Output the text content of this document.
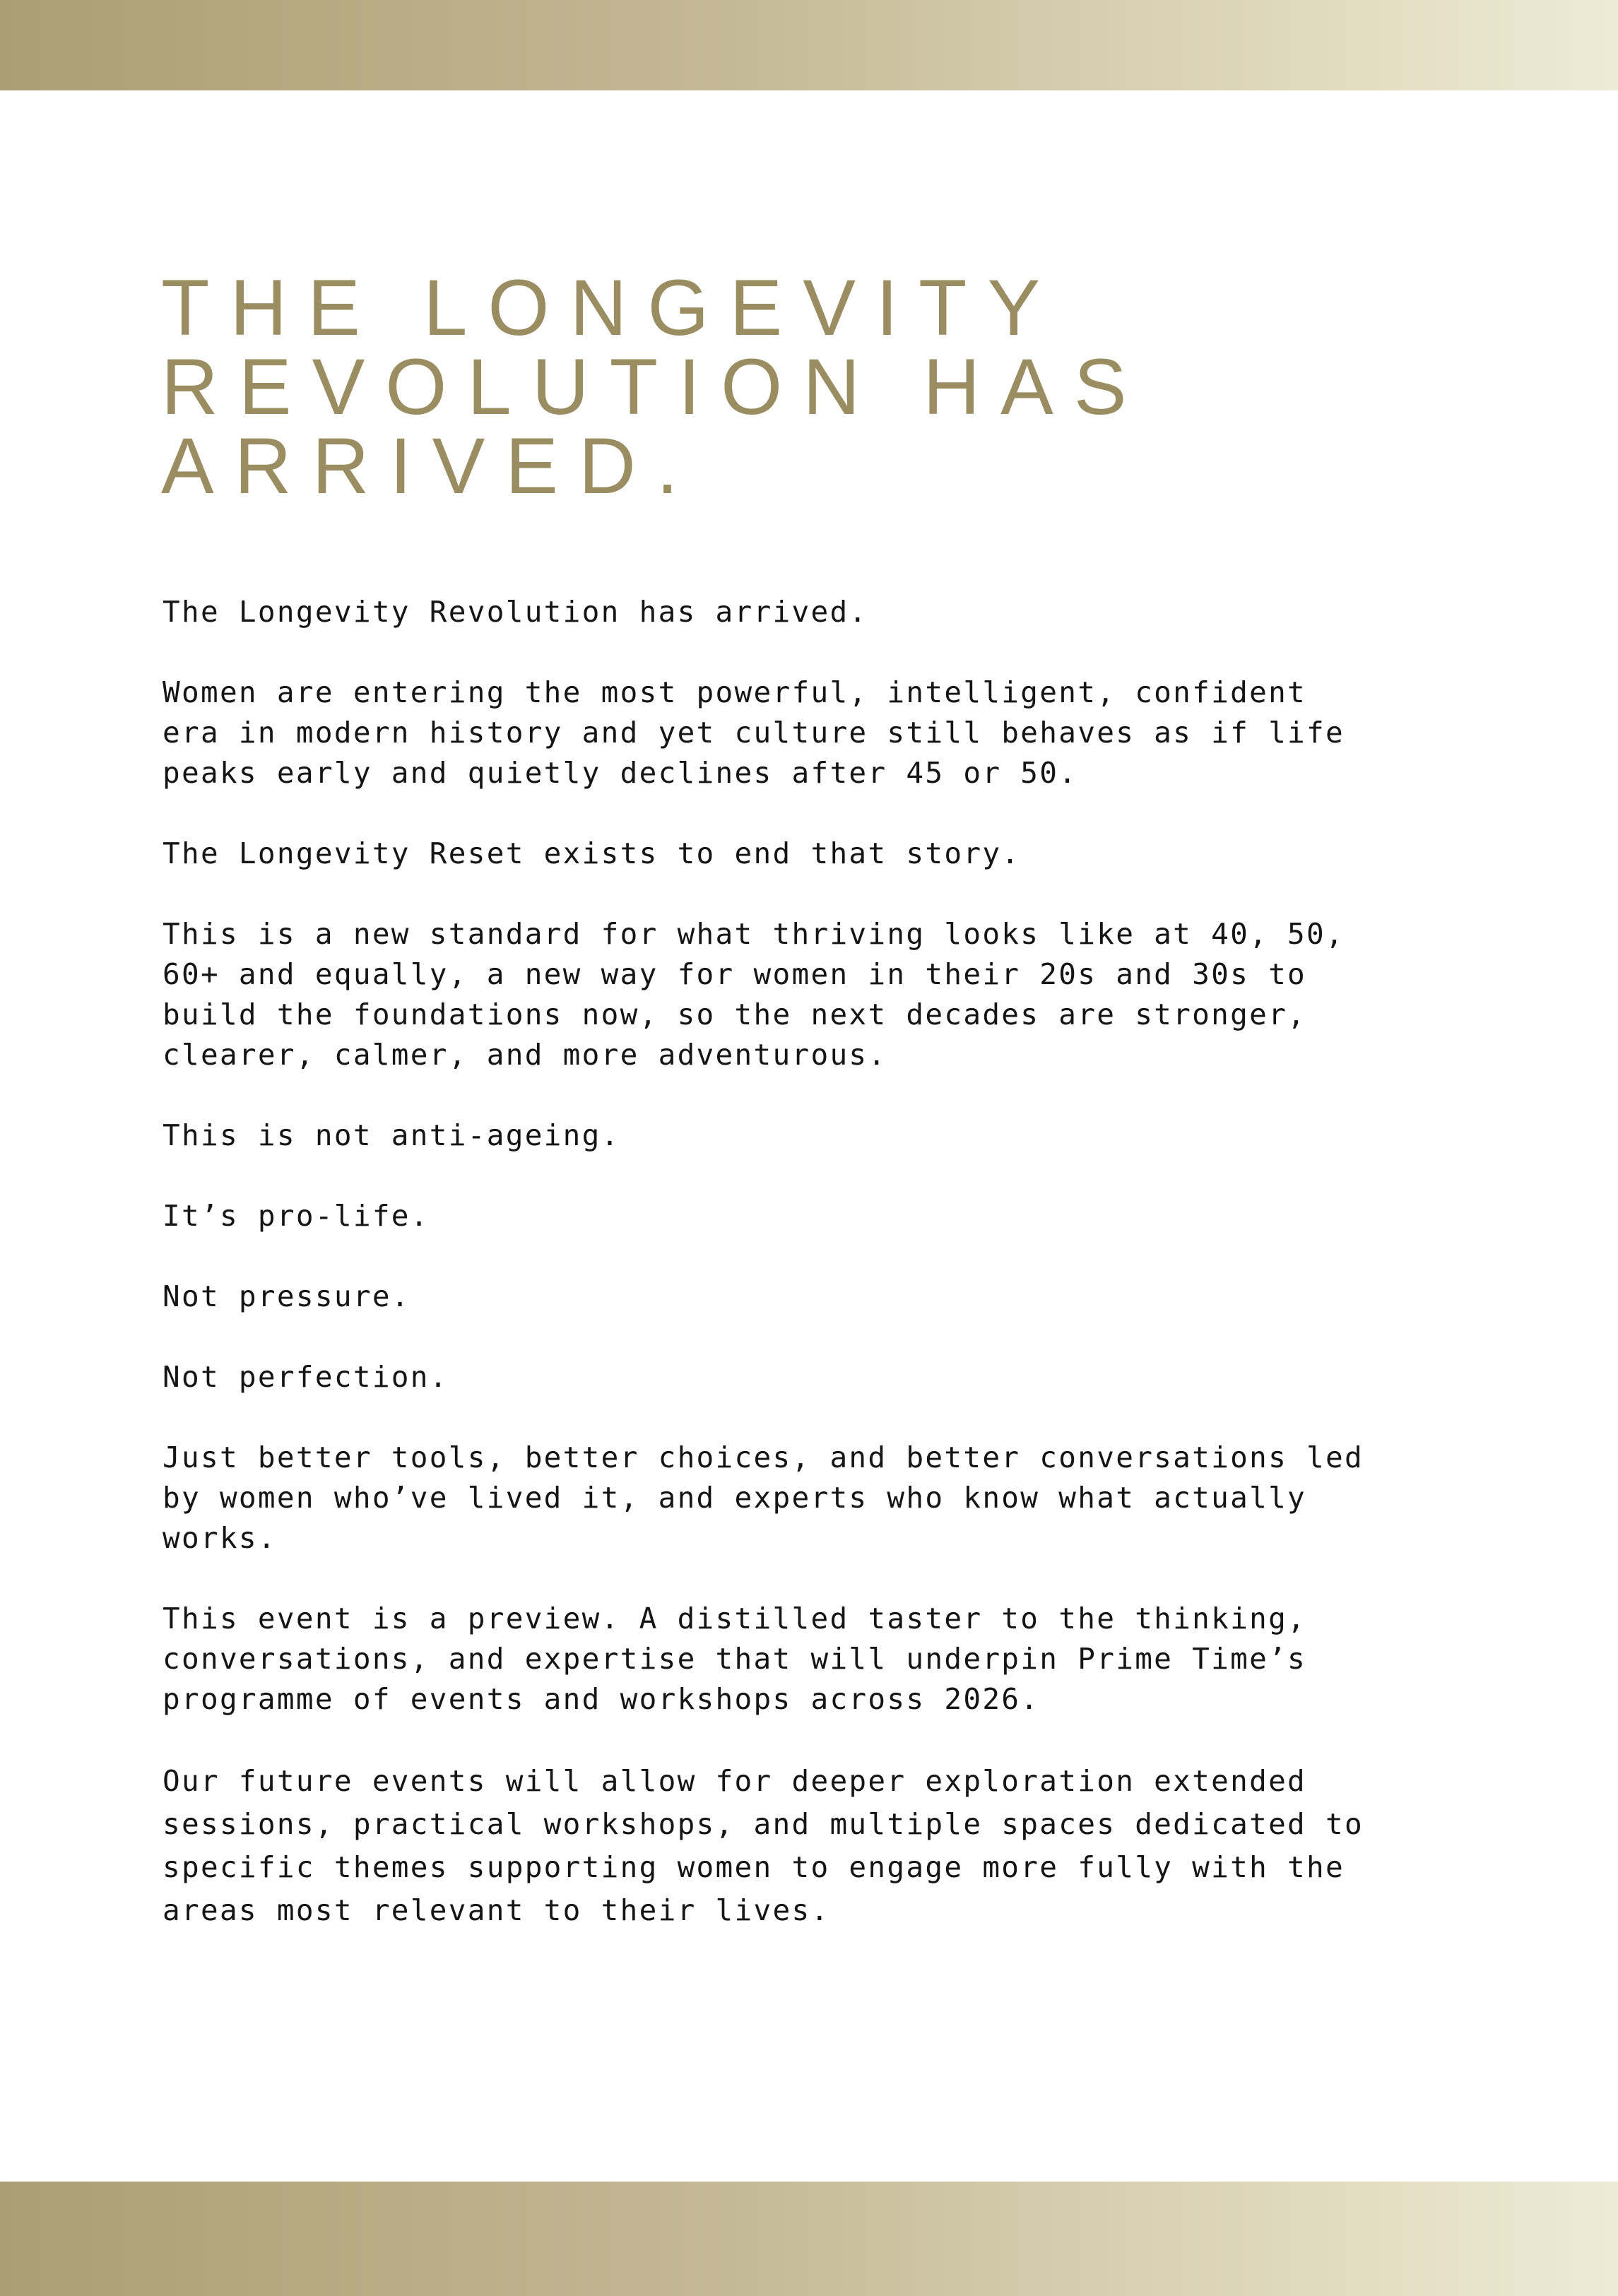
THE LONGEVITY
REVOLUTION HAS
ARRIVED.

The Longevity Revolution has arrived.

Women are entering the most powerful, intelligent, confident
era in modern history and yet culture still behaves as if life
peaks early and quietly declines after 45 or 50.

The Longevity Reset exists to end that story.

This is a new standard for what thriving looks like at 40, 50,
60+ and equally, a new way for women in their 20s and 30s to
build the foundations now, so the next decades are stronger,
clearer, calmer, and more adventurous.

This is not anti-ageing.

It’s pro-life.

Not pressure.

Not perfection.

Just better tools, better choices, and better conversations led
by women who’ve lived it, and experts who know what actually
works.

This event is a preview. A distilled taster to the thinking,
conversations, and expertise that will underpin Prime Time’s
programme of events and workshops across 2026.

Our future events will allow for deeper exploration extended
sessions, practical workshops, and multiple spaces dedicated to
specific themes supporting women to engage more fully with the
areas most relevant to their lives.
